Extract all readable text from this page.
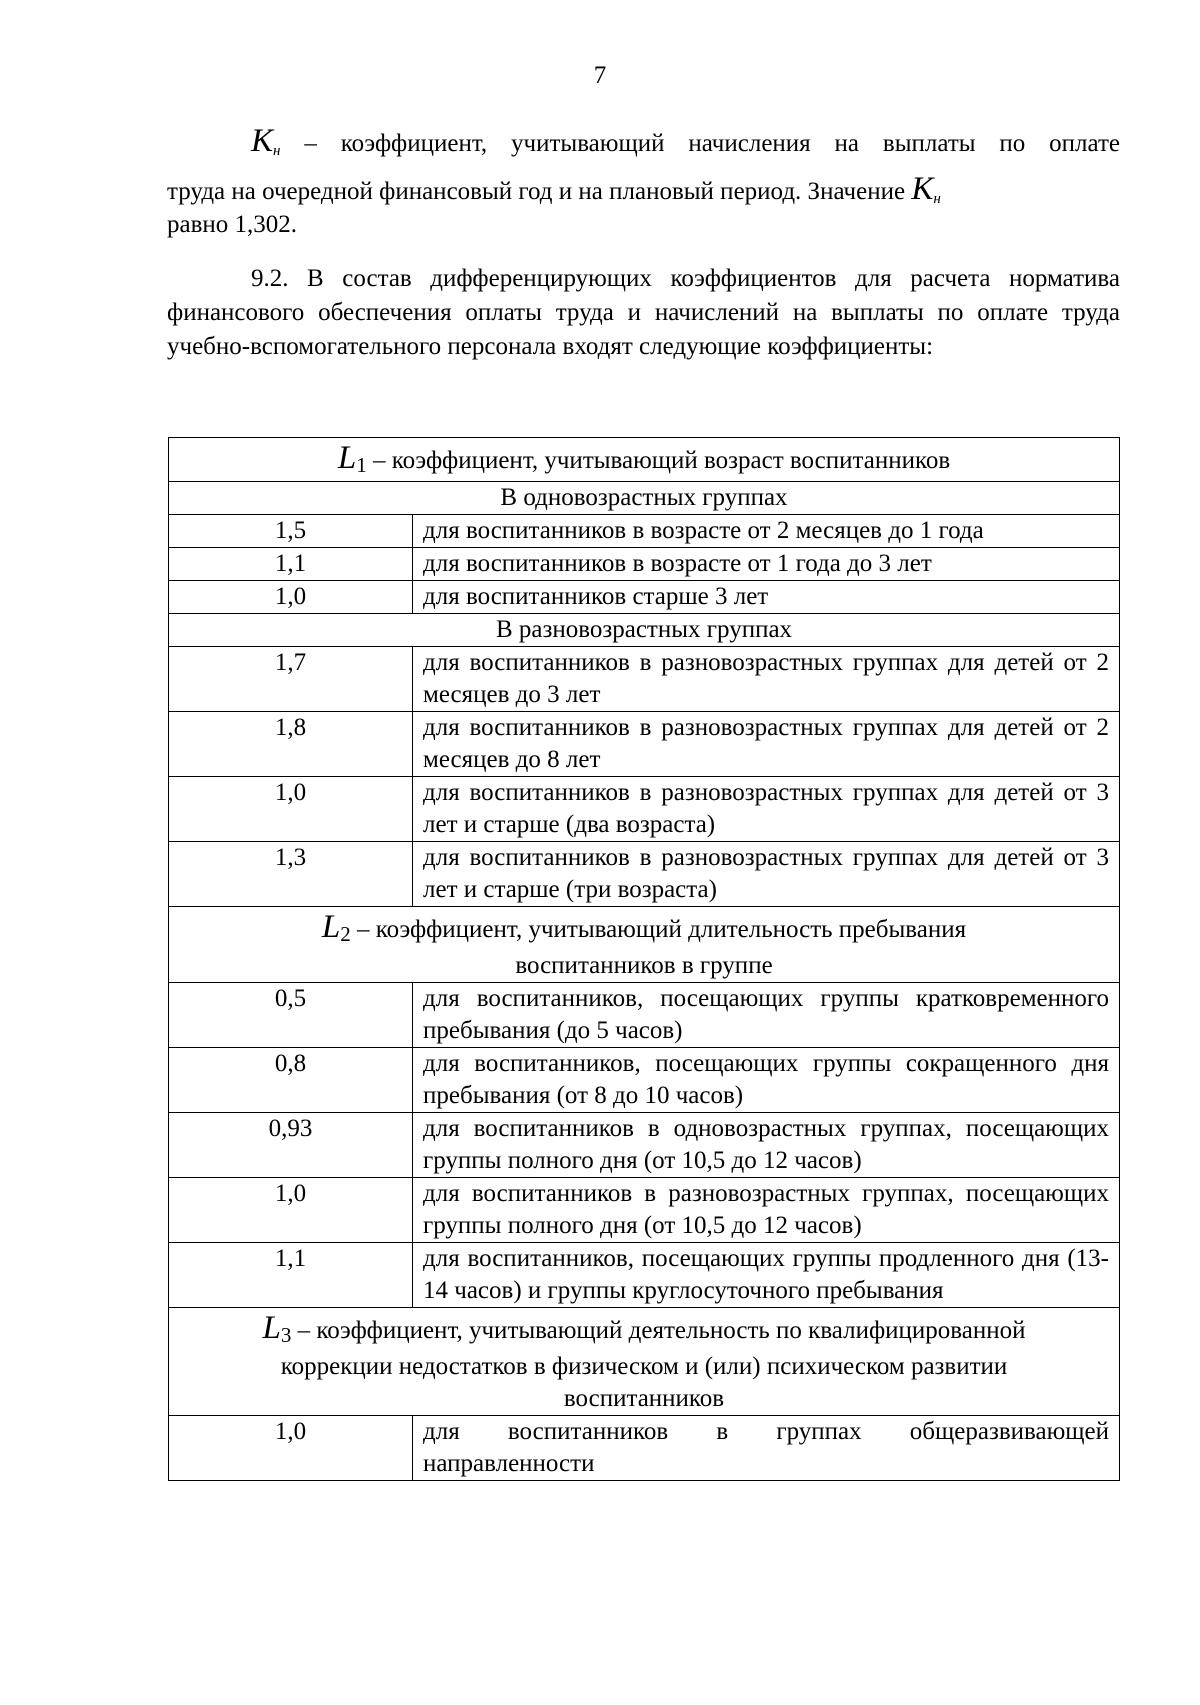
7
$K_н$ – коэффициент, учитывающий начисления на выплаты по оплате
труда на очередной финансовый год и на плановый период. Значение $K_н$
равно 1,302.
9.2. В состав дифференцирующих коэффициентов для расчета норматива финансового обеспечения оплаты труда и начислений на выплаты по оплате труда учебно-вспомогательного персонала входят следующие коэффициенты:
$L_1$ – коэффициент, учитывающий возраст воспитанников	
В одновозрастных группах	
1,5	для воспитанников в возрасте от 2 месяцев до 1 года
1,1	для воспитанников в возрасте от 1 года до 3 лет
1,0	для воспитанников старше 3 лет
В разновозрастных группах	
1,7	для воспитанников в разновозрастных группах для детей от 2 месяцев до 3 лет
1,8	для воспитанников в разновозрастных группах для детей от 2 месяцев до 8 лет
1,0	для воспитанников в разновозрастных группах для детей от 3 лет и старше (два возраста)
1,3	для воспитанников в разновозрастных группах для детей от 3 лет и старше (три возраста)

$L_2$ – коэффициент, учитывающий длительность пребывания
воспитанников в группе	

0,5	для воспитанников, посещающих группы кратковременного пребывания (до 5 часов)
0,8	для воспитанников, посещающих группы сокращенного дня пребывания (от 8 до 10 часов)
0,93	для воспитанников в одновозрастных группах, посещающих группы полного дня (от 10,5 до 12 часов)
1,0	для воспитанников в разновозрастных группах, посещающих группы полного дня (от 10,5 до 12 часов)
1,1	для воспитанников, посещающих группы продленного дня (13-14 часов) и группы круглосуточного пребывания

$L_3$ – коэффициент, учитывающий деятельность по квалифицированной
коррекции недостатков в физическом и (или) психическом развитии
воспитанников	

1,0	для воспитанников в группах общеразвивающей направленности
